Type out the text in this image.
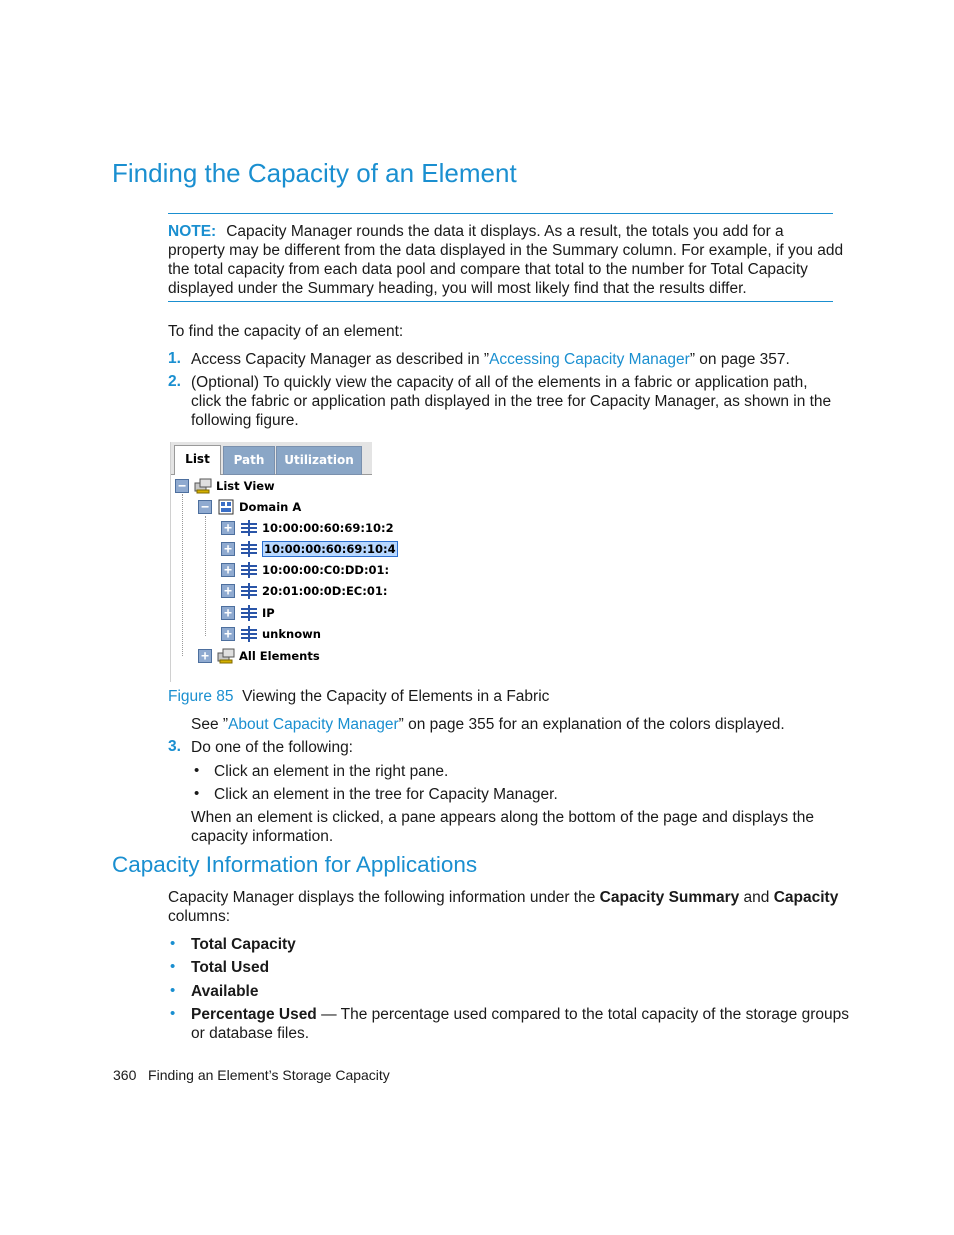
Finding the Capacity of an Element
NOTE: Capacity Manager rounds the data it displays. As a result, the totals you add for a
property may be different from the data displayed in the Summary column. For example, if you add
the total capacity from each data pool and compare that total to the number for Total Capacity
displayed under the Summary heading, you will most likely find that the results differ.
To find the capacity of an element:
1. Access Capacity Manager as described in ”Accessing Capacity Manager” on page 357.
2. (Optional) To quickly view the capacity of all of the elements in a fabric or application path,
click the fabric or application path displayed in the tree for Capacity Manager, as shown in the
following figure.
List	Path	Utilization
−	List View
−	Domain A
+	10:00:00:60:69:10:2
+	10:00:00:60:69:10:4
+	10:00:00:C0:DD:01:
+	20:01:00:0D:EC:01:
+	IP
+	unknown
+	All Elements
Figure 85 Viewing the Capacity of Elements in a Fabric
See ”About Capacity Manager” on page 355 for an explanation of the colors displayed.
3. Do one of the following:
• Click an element in the right pane.
• Click an element in the tree for Capacity Manager.
When an element is clicked, a pane appears along the bottom of the page and displays the
capacity information.
Capacity Information for Applications
Capacity Manager displays the following information under the Capacity Summary and Capacity
columns:
• Total Capacity
• Total Used
• Available
• Percentage Used — The percentage used compared to the total capacity of the storage groups
or database files.
360 Finding an Element’s Storage Capacity
